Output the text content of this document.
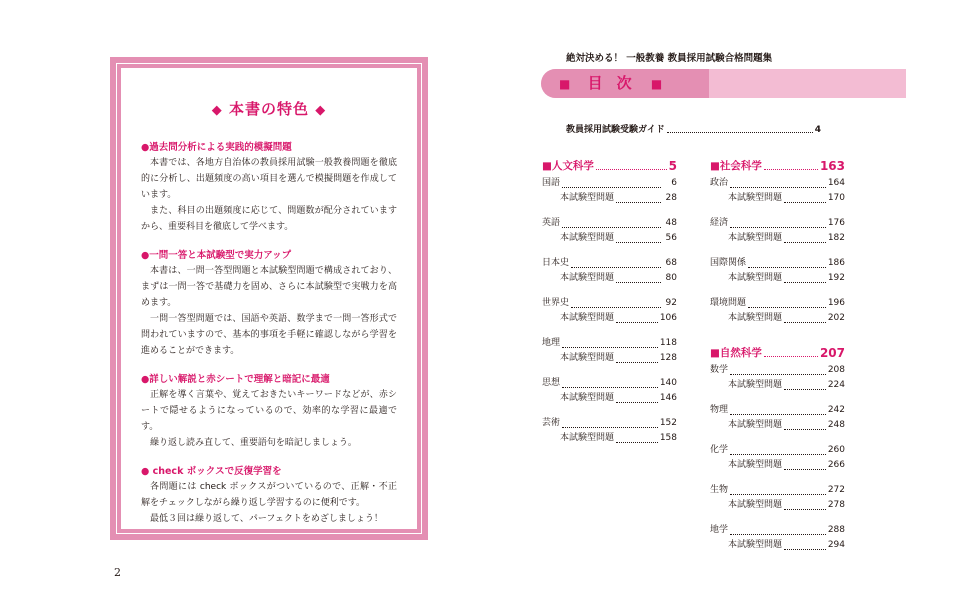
◆ 本書の特色 ◆
●過去問分析による実践的模擬問題

本書では、各地方自治体の教員採用試験一般教養問題を徹底的に分析し、出題頻度の高い項目を選んで模擬問題を作成しています。

また、科目の出題頻度に応じて、問題数が配分されていますから、重要科目を徹底して学べます。

●一問一答と本試験型で実力アップ

本書は、一問一答型問題と本試験型問題で構成されており、まずは一問一答で基礎力を固め、さらに本試験型で実戦力を高めます。

一問一答型問題では、国語や英語、数学まで一問一答形式で問われていますので、基本的事項を手軽に確認しながら学習を進めることができます。

●詳しい解説と赤シートで理解と暗記に最適

正解を導く言葉や、覚えておきたいキーワードなどが、赤シートで隠せるようになっているので、効率的な学習に最適です。

繰り返し読み直して、重要語句を暗記しましょう。

● check ボックスで反復学習を

各問題には check ボックスがついているので、正解・不正解をチェックしながら繰り返し学習するのに便利です。

最低３回は繰り返して、パーフェクトをめざしましょう！

2
絶対決める！ 一般教養 教員採用試験合格問題集
■ 目次 ■
教員採用試験受験ガイド	4
■人文科学	5
国語	6
本試験型問題	28
英語	48
本試験型問題	56
日本史	68
本試験型問題	80
世界史	92
本試験型問題	106
地理	118
本試験型問題	128
思想	140
本試験型問題	146
芸術	152
本試験型問題	158
■社会科学	163
政治	164
本試験型問題	170
経済	176
本試験型問題	182
国際関係	186
本試験型問題	192
環境問題	196
本試験型問題	202
■自然科学	207
数学	208
本試験型問題	224
物理	242
本試験型問題	248
化学	260
本試験型問題	266
生物	272
本試験型問題	278
地学	288
本試験型問題	294
